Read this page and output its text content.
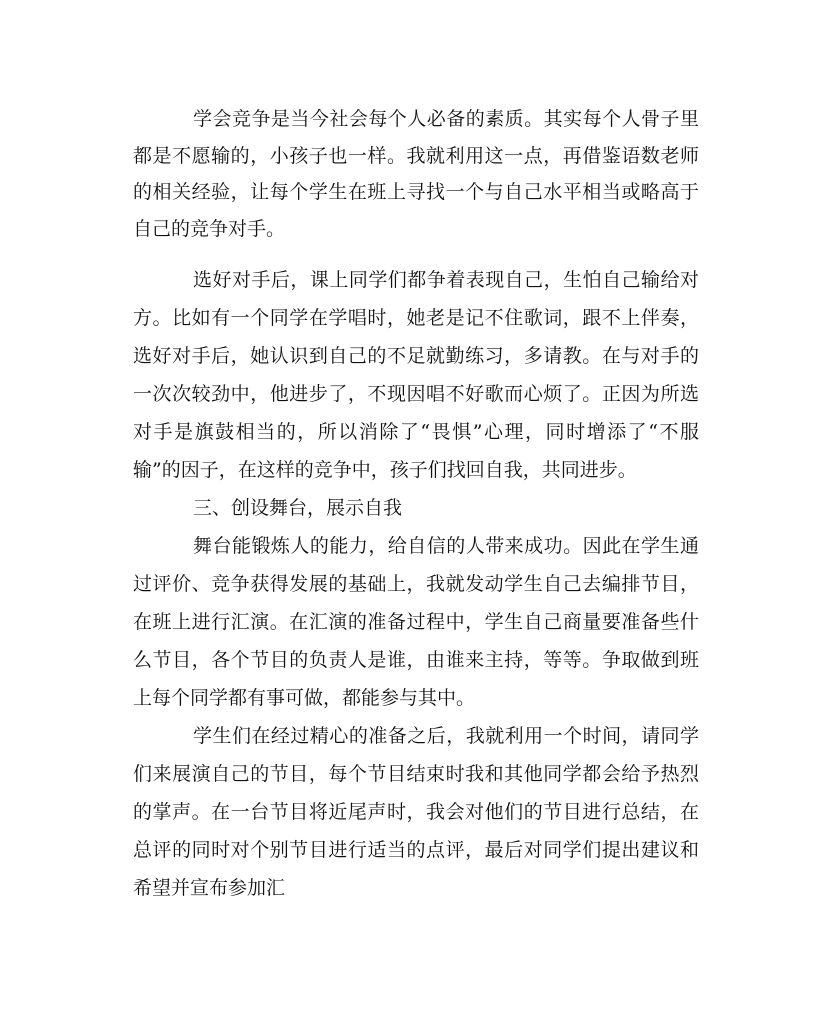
学会竞争是当今社会每个人必备的素质。其实每个人骨子里都是不愿输的，小孩子也一样。我就利用这一点，再借鉴语数老师的相关经验，让每个学生在班上寻找一个与自己水平相当或略高于自己的竞争对手。

选好对手后，课上同学们都争着表现自己，生怕自己输给对方。比如有一个同学在学唱时，她老是记不住歌词，跟不上伴奏，选好对手后，她认识到自己的不足就勤练习，多请教。在与对手的一次次较劲中，他进步了，不现因唱不好歌而心烦了。正因为所选对手是旗鼓相当的，所以消除了“畏惧”心理，同时增添了“不服输”的因子，在这样的竞争中，孩子们找回自我，共同进步。

三、创设舞台，展示自我

舞台能锻炼人的能力，给自信的人带来成功。因此在学生通过评价、竞争获得发展的基础上，我就发动学生自己去编排节目，在班上进行汇演。在汇演的准备过程中，学生自己商量要准备些什么节目，各个节目的负责人是谁，由谁来主持，等等。争取做到班上每个同学都有事可做，都能参与其中。

学生们在经过精心的准备之后，我就利用一个时间，请同学们来展演自己的节目，每个节目结束时我和其他同学都会给予热烈的掌声。在一台节目将近尾声时，我会对他们的节目进行总结，在总评的同时对个别节目进行适当的点评，最后对同学们提出建议和希望并宣布参加汇
